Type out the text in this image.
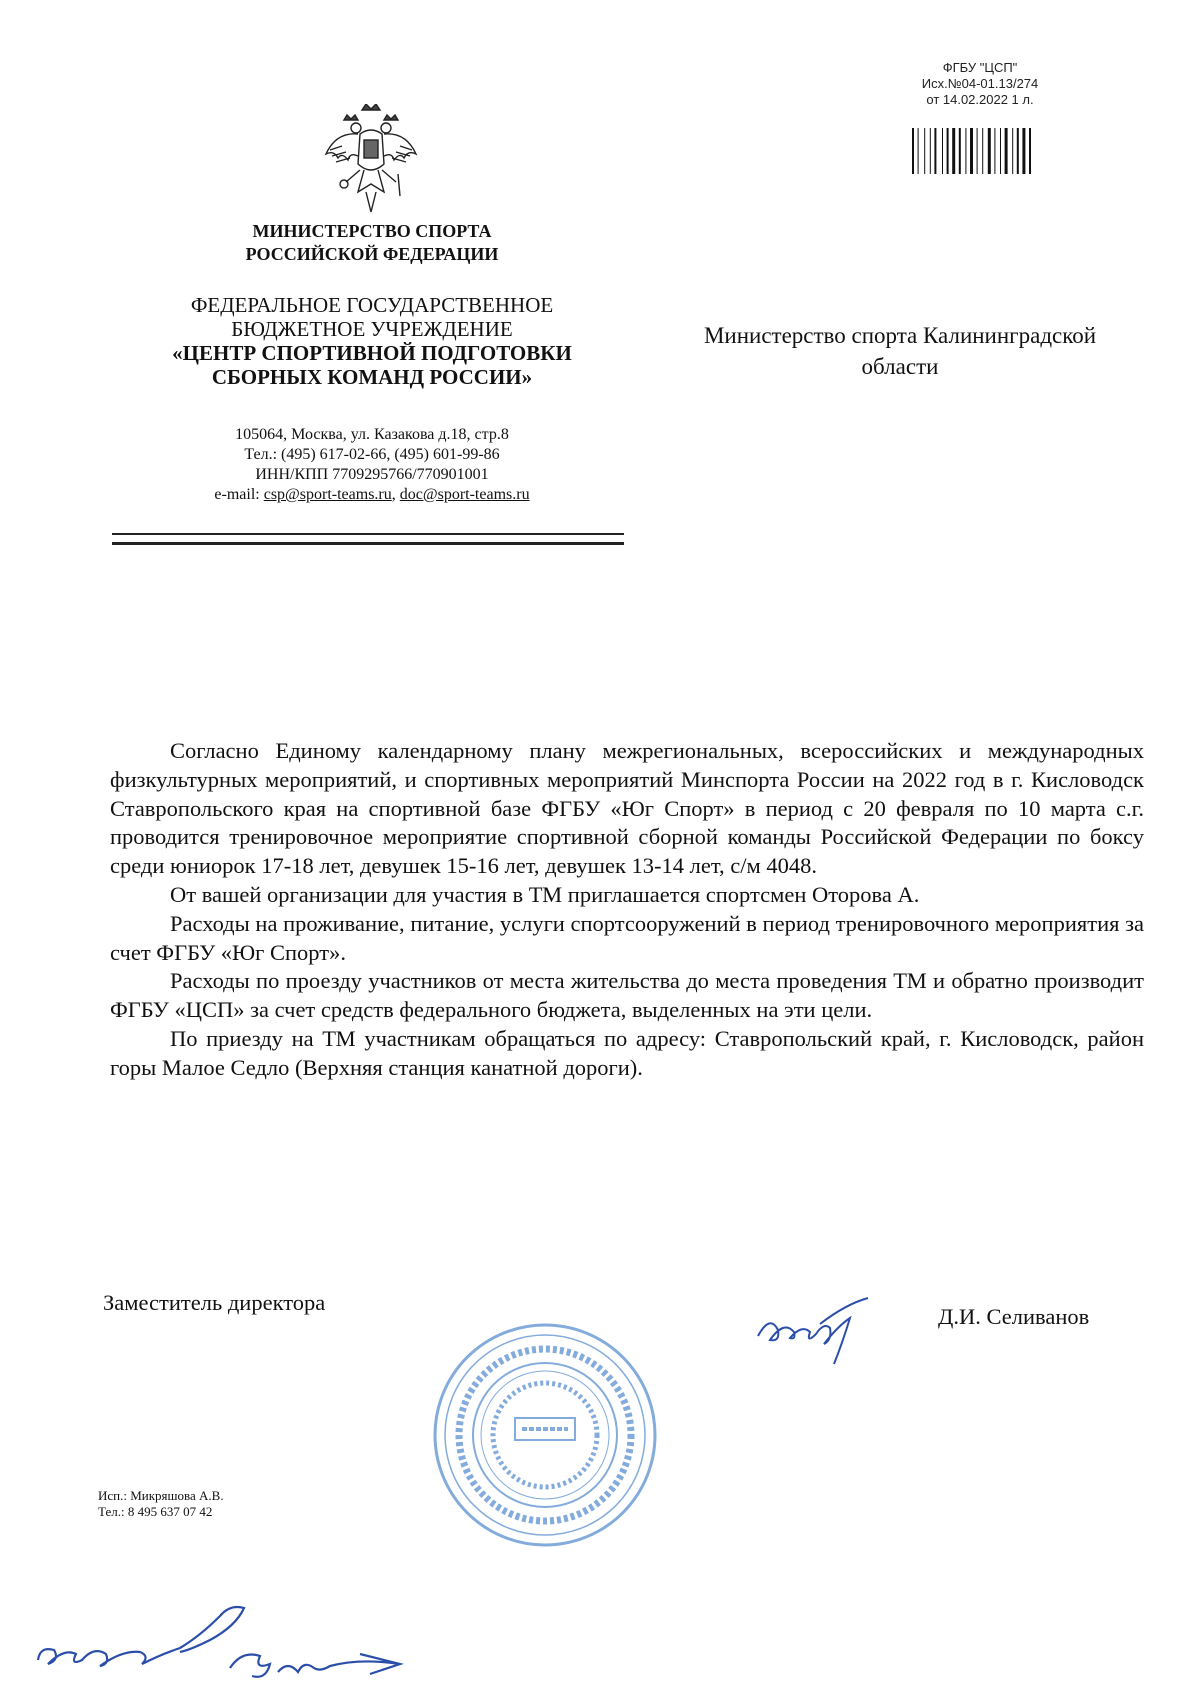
ФГБУ "ЦСП"
Исх.№04-01.13/274
от 14.02.2022 1 л.
МИНИСТЕРСТВО СПОРТА
РОССИЙСКОЙ ФЕДЕРАЦИИ
ФЕДЕРАЛЬНОЕ ГОСУДАРСТВЕННОЕ
БЮДЖЕТНОЕ УЧРЕЖДЕНИЕ
«ЦЕНТР СПОРТИВНОЙ ПОДГОТОВКИ
СБОРНЫХ КОМАНД РОССИИ»
105064, Москва, ул. Казакова д.18, стр.8
Тел.: (495) 617-02-66, (495) 601-99-86
ИНН/КПП 7709295766/770901001
e-mail: csp@sport-teams.ru, doc@sport-teams.ru
Министерство спорта Калининградской
области

Согласно Единому календарному плану межрегиональных, всероссийских и международных физкультурных мероприятий, и спортивных мероприятий Минспорта России на 2022 год в г. Кисловодск Ставропольского края на спортивной базе ФГБУ «Юг Спорт» в период с 20 февраля по 10 марта с.г. проводится тренировочное мероприятие спортивной сборной команды Российской Федерации по боксу среди юниорок 17-18 лет, девушек 15-16 лет, девушек 13-14 лет, с/м 4048.

От вашей организации для участия в ТМ приглашается спортсмен Оторова А.

Расходы на проживание, питание, услуги спортсооружений в период тренировочного мероприятия за счет ФГБУ «Юг Спорт».

Расходы по проезду участников от места жительства до места проведения ТМ и обратно производит ФГБУ «ЦСП» за счет средств федерального бюджета, выделенных на эти цели.

По приезду на ТМ участникам обращаться по адресу: Ставропольский край, г. Кисловодск, район горы Малое Седло (Верхняя станция канатной дороги).

Заместитель директора
Д.И. Селиванов
Исп.: Микряшова А.В.
Тел.: 8 495 637 07 42
